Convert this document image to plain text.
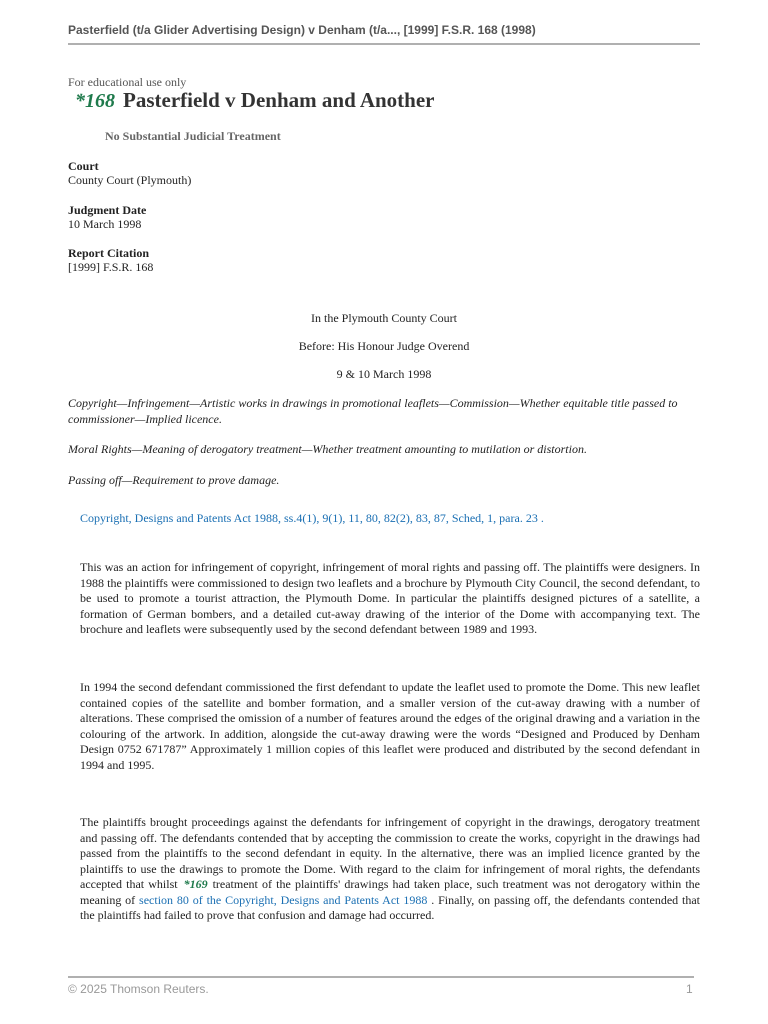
Pasterfield (t/a Glider Advertising Design) v Denham (t/a..., [1999] F.S.R. 168 (1998)
For educational use only
*168 Pasterfield v Denham and Another
No Substantial Judicial Treatment
Court
County Court (Plymouth)
Judgment Date
10 March 1998
Report Citation
[1999] F.S.R. 168
In the Plymouth County Court
Before: His Honour Judge Overend
9 & 10 March 1998
Copyright—Infringement—Artistic works in drawings in promotional leaflets—Commission—Whether equitable title passed to commissioner—Implied licence.
Moral Rights—Meaning of derogatory treatment—Whether treatment amounting to mutilation or distortion.
Passing off—Requirement to prove damage.
Copyright, Designs and Patents Act 1988, ss.4(1), 9(1), 11, 80, 82(2), 83, 87, Sched, 1, para. 23 .
This was an action for infringement of copyright, infringement of moral rights and passing off. The plaintiffs were designers. In 1988 the plaintiffs were commissioned to design two leaflets and a brochure by Plymouth City Council, the second defendant, to be used to promote a tourist attraction, the Plymouth Dome. In particular the plaintiffs designed pictures of a satellite, a formation of German bombers, and a detailed cut-away drawing of the interior of the Dome with accompanying text. The brochure and leaflets were subsequently used by the second defendant between 1989 and 1993.
In 1994 the second defendant commissioned the first defendant to update the leaflet used to promote the Dome. This new leaflet contained copies of the satellite and bomber formation, and a smaller version of the cut-away drawing with a number of alterations. These comprised the omission of a number of features around the edges of the original drawing and a variation in the colouring of the artwork. In addition, alongside the cut-away drawing were the words “Designed and Produced by Denham Design 0752 671787” Approximately 1 million copies of this leaflet were produced and distributed by the second defendant in 1994 and 1995.
The plaintiffs brought proceedings against the defendants for infringement of copyright in the drawings, derogatory treatment and passing off. The defendants contended that by accepting the commission to create the works, copyright in the drawings had passed from the plaintiffs to the second defendant in equity. In the alternative, there was an implied licence granted by the plaintiffs to use the drawings to promote the Dome. With regard to the claim for infringement of moral rights, the defendants accepted that whilst *169 treatment of the plaintiffs' drawings had taken place, such treatment was not derogatory within the meaning of section 80 of the Copyright, Designs and Patents Act 1988 . Finally, on passing off, the defendants contended that the plaintiffs had failed to prove that confusion and damage had occurred.
© 2025 Thomson Reuters.	1
